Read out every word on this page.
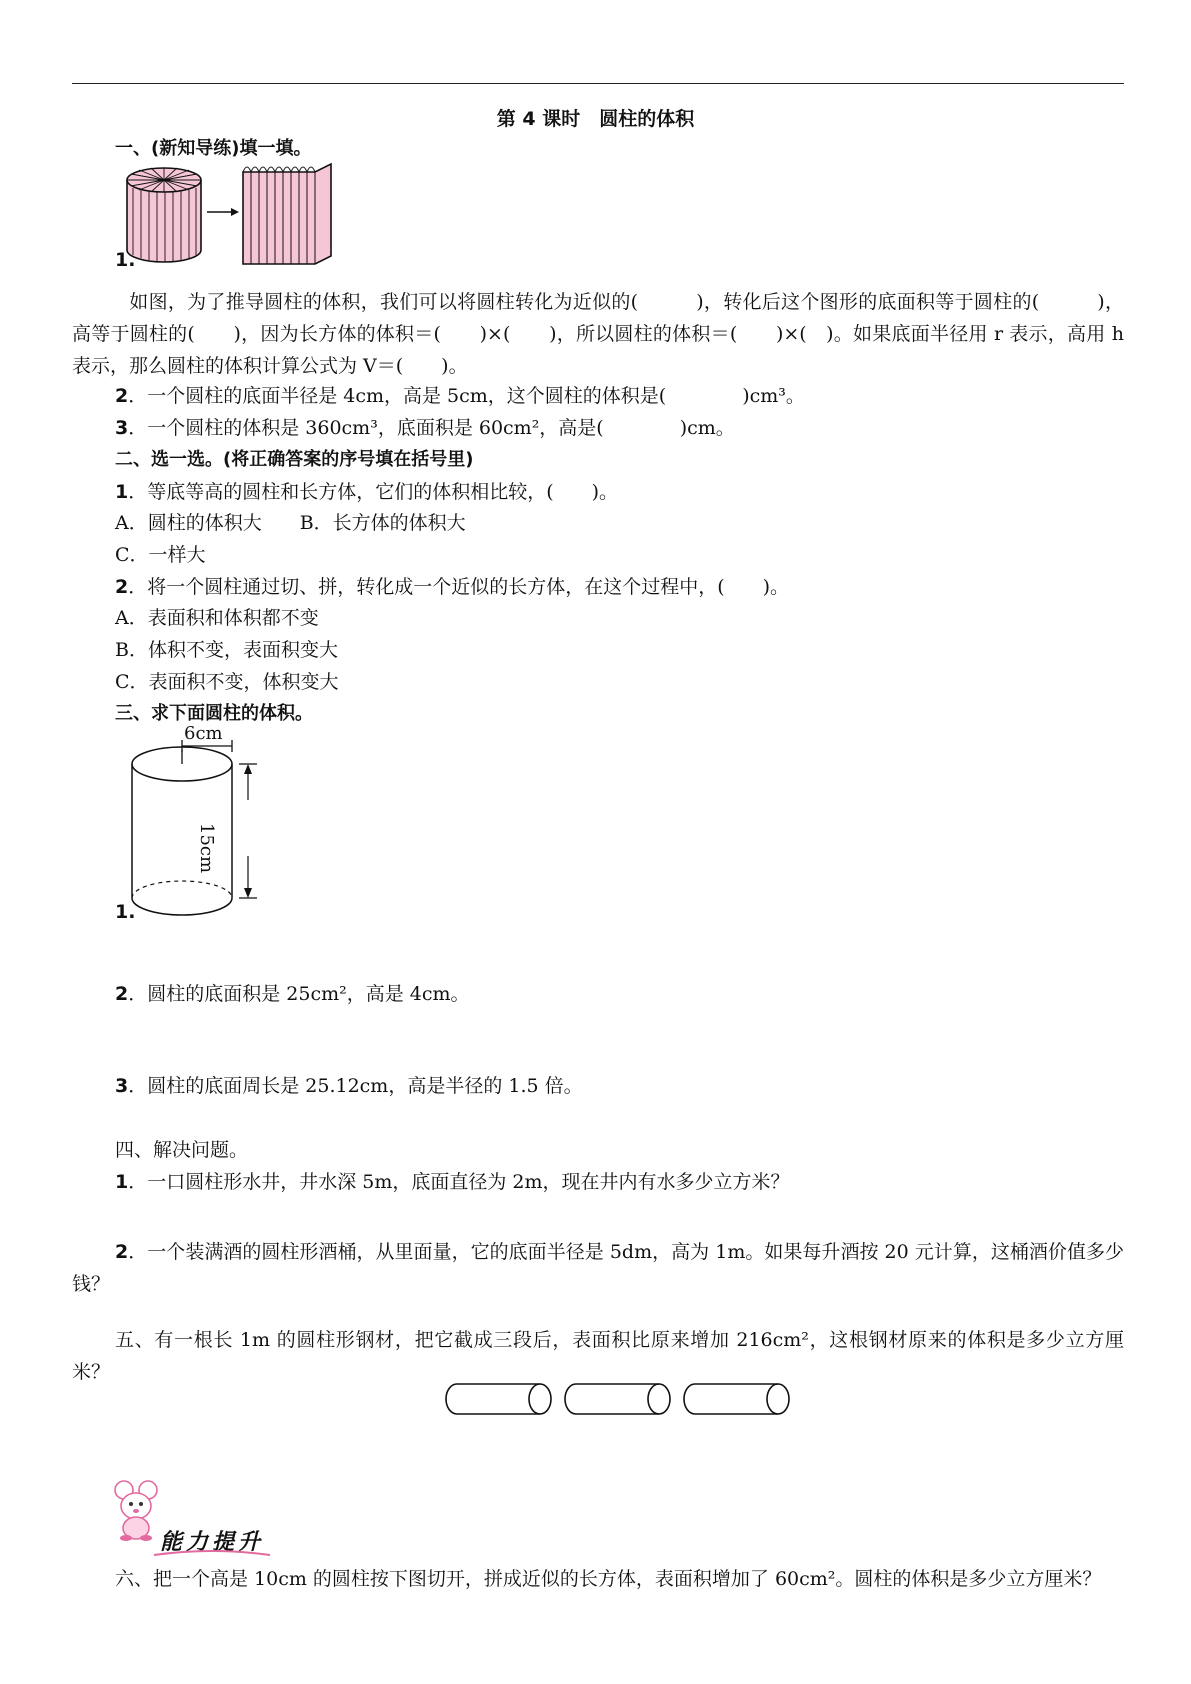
第 4 课时　圆柱的体积
一、(新知导练)填一填。
1.
　如图，为了推导圆柱的体积，我们可以将圆柱转化为近似的(　　　)，转化后这个图形的底面积等于圆柱的(　　　)，高等于圆柱的(　　)，因为长方体的体积＝(　　)×(　　)，所以圆柱的体积＝(　　)×(　)。如果底面半径用 r 表示，高用 h 表示，那么圆柱的体积计算公式为 V＝(　　)。
2．一个圆柱的底面半径是 4cm，高是 5cm，这个圆柱的体积是(　　　　)cm³。
3．一个圆柱的体积是 360cm³，底面积是 60cm²，高是(　　　　)cm。
二、选一选。(将正确答案的序号填在括号里)
1．等底等高的圆柱和长方体，它们的体积相比较，(　　)。
A．圆柱的体积大　　B．长方体的体积大
C．一样大
2．将一个圆柱通过切、拼，转化成一个近似的长方体，在这个过程中，(　　)。
A．表面积和体积都不变
B．体积不变，表面积变大
C．表面积不变，体积变大
三、求下面圆柱的体积。
6cm
15cm
1.
2．圆柱的底面积是 25cm²，高是 4cm。
3．圆柱的底面周长是 25.12cm，高是半径的 1.5 倍。
四、解决问题。
1．一口圆柱形水井，井水深 5m，底面直径为 2m，现在井内有水多少立方米？
2．一个装满酒的圆柱形酒桶，从里面量，它的底面半径是 5dm，高为 1m。如果每升酒按 20 元计算，这桶酒价值多少钱？
五、有一根长 1m 的圆柱形钢材，把它截成三段后，表面积比原来增加 216cm²，这根钢材原来的体积是多少立方厘米？
能力提升
六、把一个高是 10cm 的圆柱按下图切开，拼成近似的长方体，表面积增加了 60cm²。圆柱的体积是多少立方厘米？
